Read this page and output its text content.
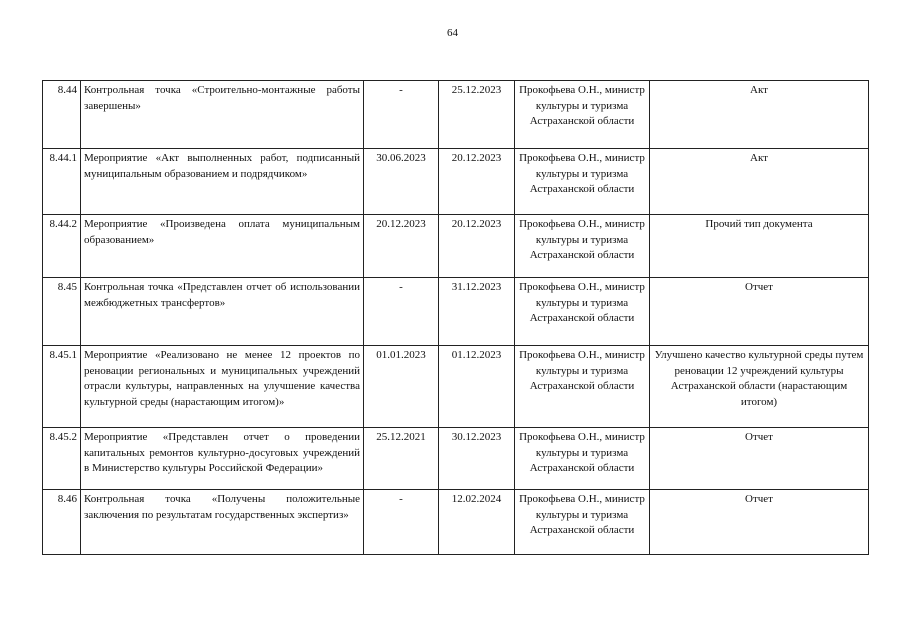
64
8.44	Контрольная точка «Строительно-монтажные работы завершены»	-	25.12.2023	Прокофьева О.Н., министр культуры и туризма Астраханской области	Акт
8.44.1	Мероприятие «Акт выполненных работ, подписанный муниципальным образованием и подрядчиком»	30.06.2023	20.12.2023	Прокофьева О.Н., министр культуры и туризма Астраханской области	Акт
8.44.2	Мероприятие «Произведена оплата муниципальным образованием»	20.12.2023	20.12.2023	Прокофьева О.Н., министр культуры и туризма Астраханской области	Прочий тип документа
8.45	Контрольная точка «Представлен отчет об использовании межбюджетных трансфертов»	-	31.12.2023	Прокофьева О.Н., министр культуры и туризма Астраханской области	Отчет
8.45.1	Мероприятие «Реализовано не менее 12 проектов по реновации региональных и муниципальных учреждений отрасли культуры, направленных на улучшение качества культурной среды (нарастающим итогом)»	01.01.2023	01.12.2023	Прокофьева О.Н., министр культуры и туризма Астраханской области	Улучшено качество культурной среды путем реновации 12 учреждений культуры Астраханской области (нарастающим итогом)
8.45.2	Мероприятие «Представлен отчет о проведении капитальных ремонтов культурно-досуговых учреждений в Министерство культуры Российской Федерации»	25.12.2021	30.12.2023	Прокофьева О.Н., министр культуры и туризма Астраханской области	Отчет
8.46	Контрольная точка «Получены положительные заключения по результатам государственных экспертиз»	-	12.02.2024	Прокофьева О.Н., министр культуры и туризма Астраханской области	Отчет
